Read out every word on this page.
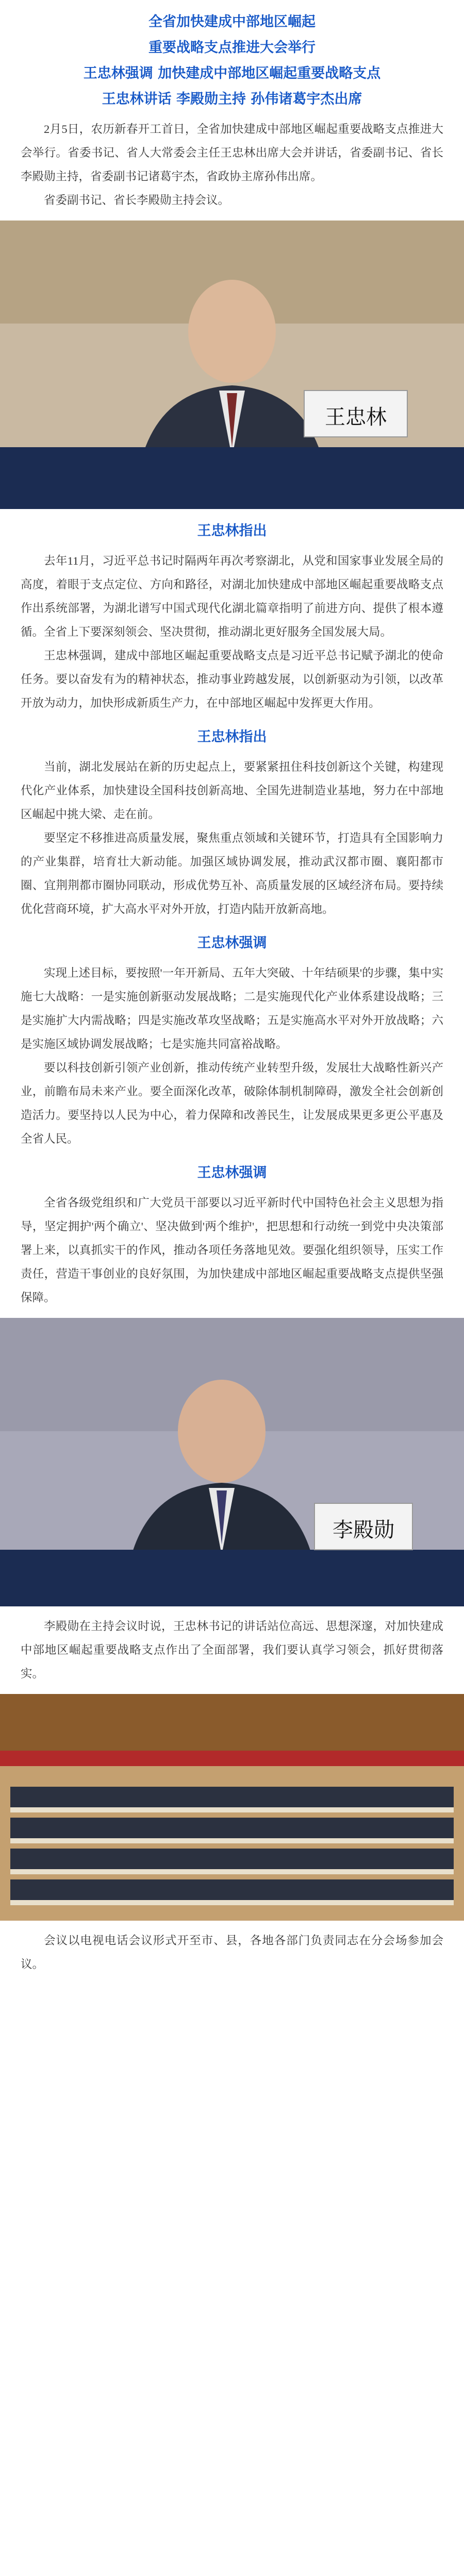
全省加快建成中部地区崛起
重要战略支点推进大会举行
王忠林强调 加快建成中部地区崛起重要战略支点
王忠林讲话 李殿勋主持 孙伟诸葛宇杰出席

2月5日，农历新春开工首日，全省加快建成中部地区崛起重要战略支点推进大会举行。省委书记、省人大常委会主任王忠林出席大会并讲话，省委副书记、省长李殿勋主持，省委副书记诸葛宇杰，省政协主席孙伟出席。

省委副书记、省长李殿勋主持会议。

王忠林
王忠林指出

去年11月，习近平总书记时隔两年再次考察湖北，从党和国家事业发展全局的高度，着眼于支点定位、方向和路径，对湖北加快建成中部地区崛起重要战略支点作出系统部署，为湖北谱写中国式现代化湖北篇章指明了前进方向、提供了根本遵循。全省上下要深刻领会、坚决贯彻，推动湖北更好服务全国发展大局。

王忠林强调，建成中部地区崛起重要战略支点是习近平总书记赋予湖北的使命任务。要以奋发有为的精神状态，推动事业跨越发展，以创新驱动为引领，以改革开放为动力，加快形成新质生产力，在中部地区崛起中发挥更大作用。

王忠林指出

当前，湖北发展站在新的历史起点上，要紧紧扭住科技创新这个关键，构建现代化产业体系，加快建设全国科技创新高地、全国先进制造业基地，努力在中部地区崛起中挑大梁、走在前。

要坚定不移推进高质量发展，聚焦重点领域和关键环节，打造具有全国影响力的产业集群，培育壮大新动能。加强区域协调发展，推动武汉都市圈、襄阳都市圈、宜荆荆都市圈协同联动，形成优势互补、高质量发展的区域经济布局。要持续优化营商环境，扩大高水平对外开放，打造内陆开放新高地。

王忠林强调

实现上述目标，要按照'一年开新局、五年大突破、十年结硕果'的步骤，集中实施七大战略：一是实施创新驱动发展战略；二是实施现代化产业体系建设战略；三是实施扩大内需战略；四是实施改革攻坚战略；五是实施高水平对外开放战略；六是实施区域协调发展战略；七是实施共同富裕战略。

要以科技创新引领产业创新，推动传统产业转型升级，发展壮大战略性新兴产业，前瞻布局未来产业。要全面深化改革，破除体制机制障碍，激发全社会创新创造活力。要坚持以人民为中心，着力保障和改善民生，让发展成果更多更公平惠及全省人民。

王忠林强调

全省各级党组织和广大党员干部要以习近平新时代中国特色社会主义思想为指导，坚定拥护'两个确立'、坚决做到'两个维护'，把思想和行动统一到党中央决策部署上来，以真抓实干的作风，推动各项任务落地见效。要强化组织领导，压实工作责任，营造干事创业的良好氛围，为加快建成中部地区崛起重要战略支点提供坚强保障。

李殿勋

李殿勋在主持会议时说，王忠林书记的讲话站位高远、思想深邃，对加快建成中部地区崛起重要战略支点作出了全面部署，我们要认真学习领会，抓好贯彻落实。

会议以电视电话会议形式开至市、县，各地各部门负责同志在分会场参加会议。
